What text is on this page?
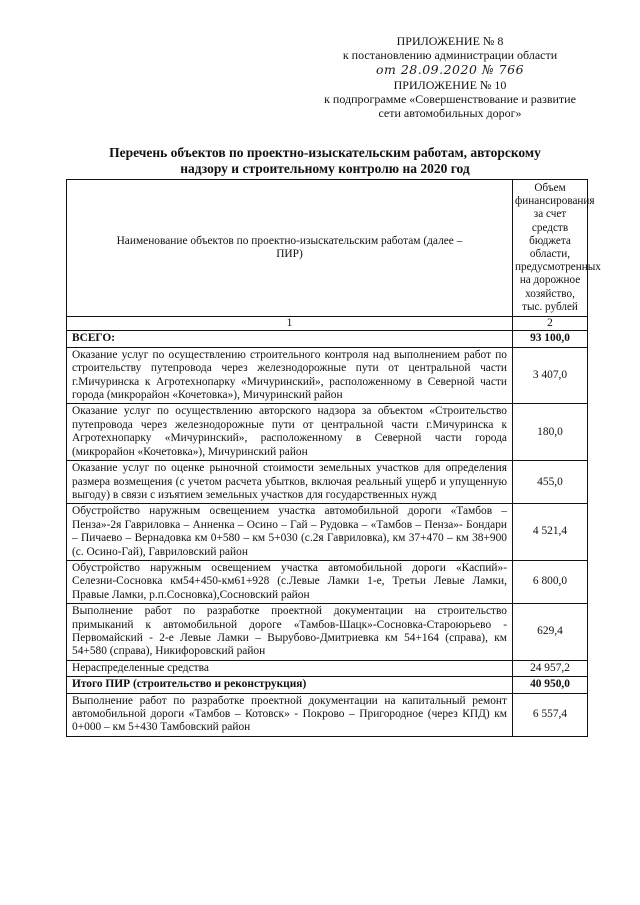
ПРИЛОЖЕНИЕ № 8
к постановлению администрации области
от 28.09.2020 № 766
ПРИЛОЖЕНИЕ № 10
к подпрограмме «Совершенствование и развитие
сети автомобильных дорог»
Перечень объектов по проектно-изыскательским работам, авторскому
надзору и строительному контролю на 2020 год
Наименование объектов по проектно-изыскательским работам (далее – ПИР)	Объем финансирования за счет средств бюджета области, предусмотренных на дорожное хозяйство, тыс. рублей
1	2
ВСЕГО:	93 100,0
Оказание услуг по осуществлению строительного контроля над выполнением работ по строительству путепровода через железнодорожные пути от центральной части г.Мичуринска к Агротехнопарку «Мичуринский», расположенному в Северной части города (микрорайон «Кочетовка»), Мичуринский район	3 407,0
Оказание услуг по осуществлению авторского надзора за объектом «Строительство путепровода через железнодорожные пути от центральной части г.Мичуринска к Агротехнопарку «Мичуринский», расположенному в Северной части города (микрорайон «Кочетовка»), Мичуринский район	180,0
Оказание услуг по оценке рыночной стоимости земельных участков для определения размера возмещения (с учетом расчета убытков, включая реальный ущерб и упущенную выгоду) в связи с изъятием земельных участков для государственных нужд	455,0
Обустройство наружным освещением участка автомобильной дороги «Тамбов – Пенза»-2я Гавриловка – Анненка – Осино – Гай – Рудовка – «Тамбов – Пенза»- Бондари – Пичаево – Вернадовка км 0+580 – км 5+030 (с.2я Гавриловка), км 37+470 – км 38+900 (с. Осино-Гай), Гавриловский район	4 521,4
Обустройство наружным освещением участка автомобильной дороги «Каспий»-Селезни-Сосновка км54+450-км61+928 (с.Левые Ламки 1-е, Третьи Левые Ламки, Правые Ламки, р.п.Сосновка),Сосновский район	6 800,0
Выполнение работ по разработке проектной документации на строительство примыканий к автомобильной дороге «Тамбов-Шацк»-Сосновка-Староюрьево - Первомайский - 2-е Левые Ламки – Вырубово-Дмитриевка км 54+164 (справа), км 54+580 (справа), Никифоровский район	629,4
Нераспределенные средства	24 957,2
Итого ПИР (строительство и реконструкция)	40 950,0
Выполнение работ по разработке проектной документации на капитальный ремонт автомобильной дороги «Тамбов – Котовск» - Покрово – Пригородное (через КПД) км 0+000 – км 5+430 Тамбовский район	6 557,4
